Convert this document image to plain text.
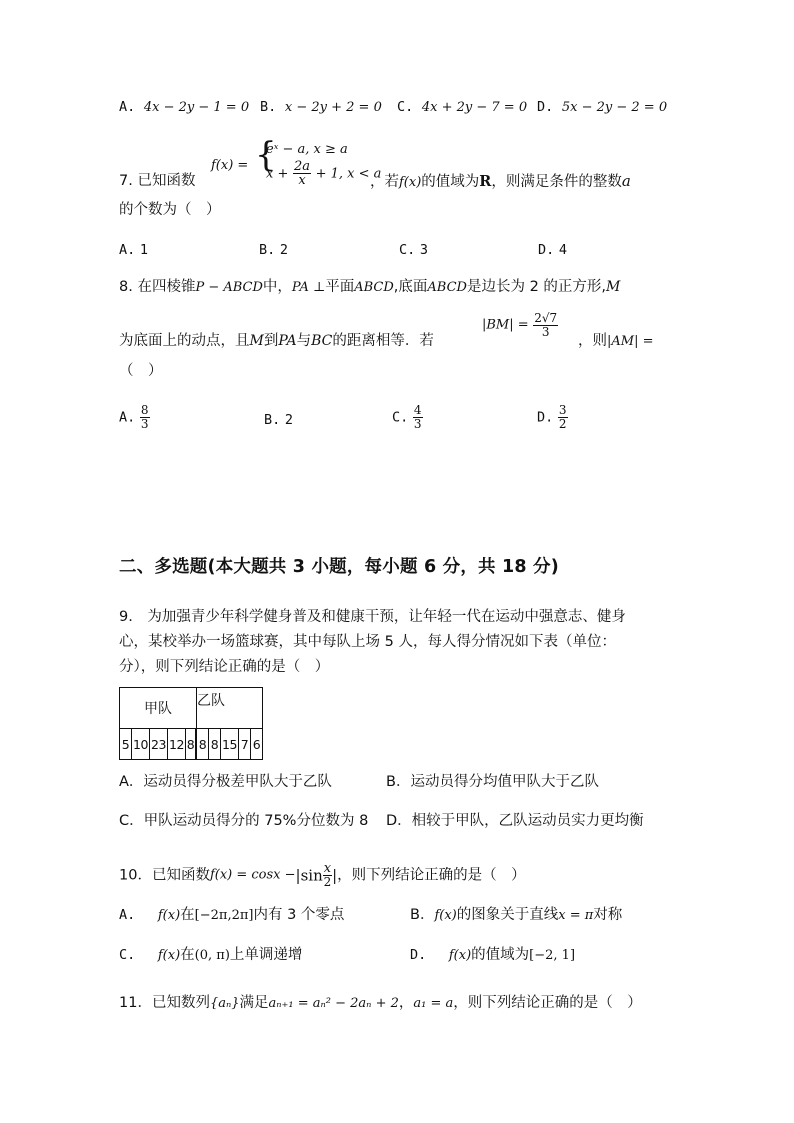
A. 4x − 2y − 1 = 0 B. x − 2y + 2 = 0 C. 4x + 2y − 7 = 0 D. 5x − 2y − 2 = 0
7. 已知函数
f(x) = {
eˣ − a, x ≥ a
$x + \frac{2a}{x} + 1$, x < a
，若f(x)的值域为R，则满足条件的整数a
的个数为（　）
A. 1	B. 2	C. 3	D. 4
8. 在四棱锥P − ABCD中，PA ⊥平面ABCD,底面ABCD是边长为 2 的正方形,M
为底面上的动点，且M到PA与BC的距离相等．若
$|BM| = \frac{2√7}{3}$
，则|AM| =
（　）
A. $\frac{8}{3}$	B. 2	C. $\frac{4}{3}$	D. $\frac{3}{2}$
二、多选题(本大题共 3 小题，每小题 6 分，共 18 分)
9.　为加强青少年科学健身普及和健康干预，让年轻一代在运动中强意志、健身
心，某校举办一场篮球赛，其中每队上场 5 人，每人得分情况如下表（单位：
分），则下列结论正确的是（　）
甲队					乙队				
5	10	23	12	8		8	8	15	7	6
A．运动员得分极差甲队大于乙队	B．运动员得分均值甲队大于乙队
C．甲队运动员得分的 75%分位数为 8 D．相较于甲队，乙队运动员实力更均衡
10．已知函数$f(x) = \cos x -|\sin \frac{x}{2}$ |，则下列结论正确的是（　）
A. f(x)在[−2π,2π]内有 3 个零点	B．f(x)的图象关于直线x = π对称
C. f(x)在(0, π)上单调递增	D. f(x)的值域为[−2, 1]
11．已知数列{aₙ}满足aₙ₊₁ = aₙ² − 2aₙ + 2，a₁ = a，则下列结论正确的是（　）
